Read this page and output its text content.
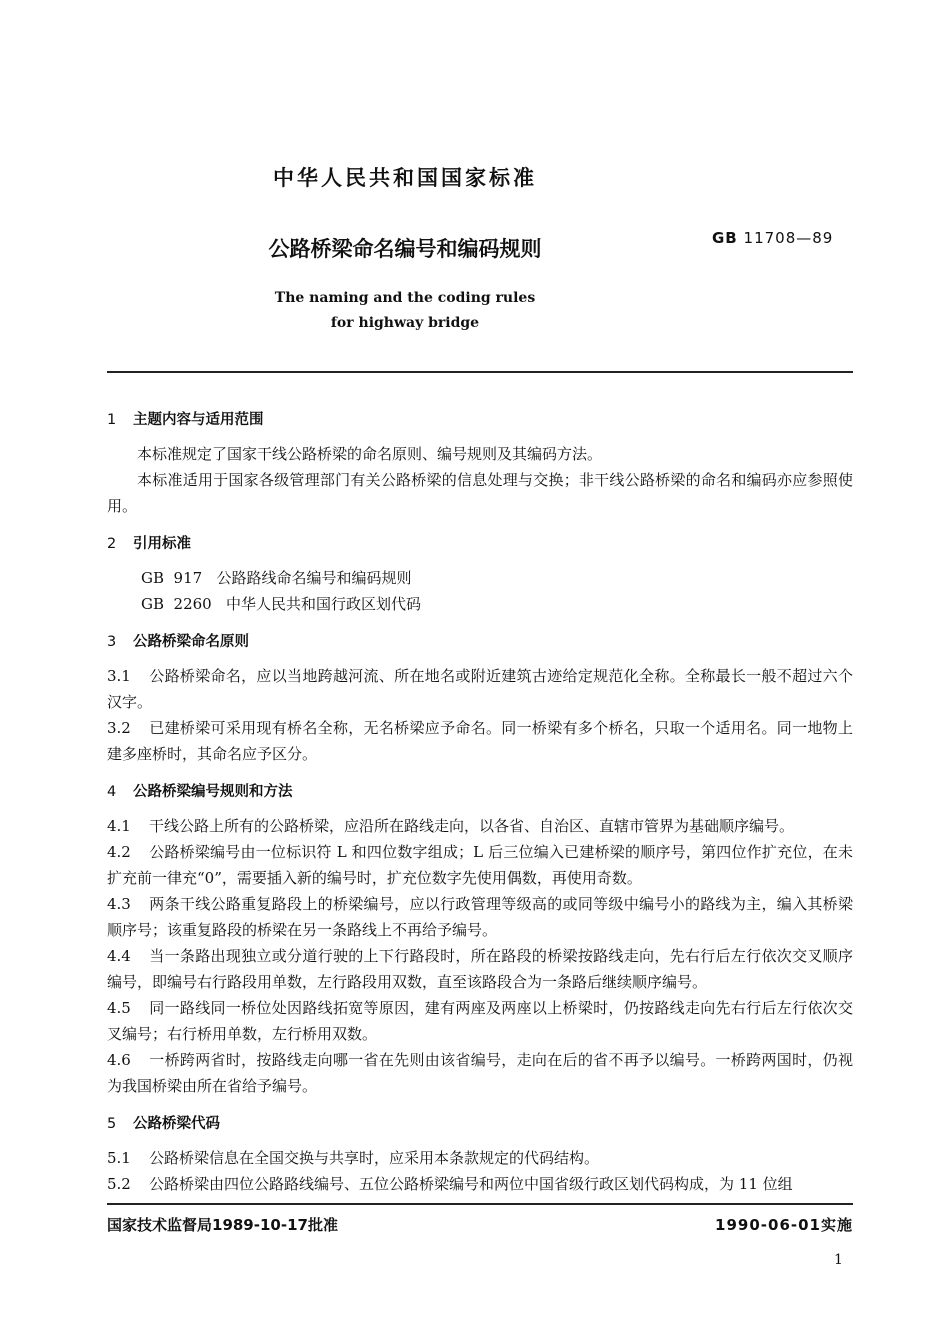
中华人民共和国国家标准
公路桥梁命名编号和编码规则	GB 11708—89
The naming and the coding rules
for highway bridge
1 主题内容与适用范围

本标准规定了国家干线公路桥梁的命名原则、编号规则及其编码方法。

本标准适用于国家各级管理部门有关公路桥梁的信息处理与交换；非干线公路桥梁的命名和编码亦应参照使用。

2 引用标准

GB  917   公路路线命名编号和编码规则

GB  2260   中华人民共和国行政区划代码

3 公路桥梁命名原则

3.1 公路桥梁命名，应以当地跨越河流、所在地名或附近建筑古迹给定规范化全称。全称最长一般不超过六个汉字。

3.2 已建桥梁可采用现有桥名全称，无名桥梁应予命名。同一桥梁有多个桥名，只取一个适用名。同一地物上建多座桥时，其命名应予区分。

4 公路桥梁编号规则和方法

4.1 干线公路上所有的公路桥梁，应沿所在路线走向，以各省、自治区、直辖市管界为基础顺序编号。

4.2 公路桥梁编号由一位标识符 L 和四位数字组成；L 后三位编入已建桥梁的顺序号，第四位作扩充位，在未扩充前一律充“0”，需要插入新的编号时，扩充位数字先使用偶数，再使用奇数。

4.3 两条干线公路重复路段上的桥梁编号，应以行政管理等级高的或同等级中编号小的路线为主，编入其桥梁顺序号；该重复路段的桥梁在另一条路线上不再给予编号。

4.4 当一条路出现独立或分道行驶的上下行路段时，所在路段的桥梁按路线走向，先右行后左行依次交叉顺序编号，即编号右行路段用单数，左行路段用双数，直至该路段合为一条路后继续顺序编号。

4.5 同一路线同一桥位处因路线拓宽等原因，建有两座及两座以上桥梁时，仍按路线走向先右行后左行依次交叉编号；右行桥用单数，左行桥用双数。

4.6 一桥跨两省时，按路线走向哪一省在先则由该省编号，走向在后的省不再予以编号。一桥跨两国时，仍视为我国桥梁由所在省给予编号。

5 公路桥梁代码

5.1 公路桥梁信息在全国交换与共享时，应采用本条款规定的代码结构。

5.2 公路桥梁由四位公路路线编号、五位公路桥梁编号和两位中国省级行政区划代码构成，为 11 位组

国家技术监督局1989-10-17批准	1990-06-01实施
1
